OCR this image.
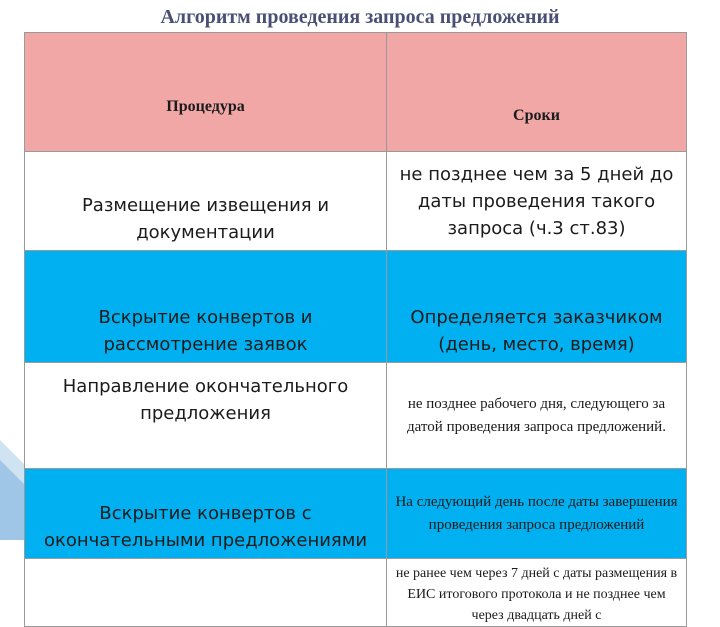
Алгоритм проведения запроса предложений
Процедура	Сроки
Размещение извещения и документации	не позднее чем за 5 дней до даты проведения такого запроса (ч.3 ст.83)
Вскрытие конвертов и рассмотрение заявок	Определяется заказчиком (день, место, время)
Направление окончательного предложения	не позднее рабочего дня, следующего за датой проведения запроса предложений.
Вскрытие конвертов с окончательными предложениями	На следующий день после даты завершения проведения запроса предложений
	не ранее чем через 7 дней с даты размещения в ЕИС итогового протокола и не позднее чем через двадцать дней с
